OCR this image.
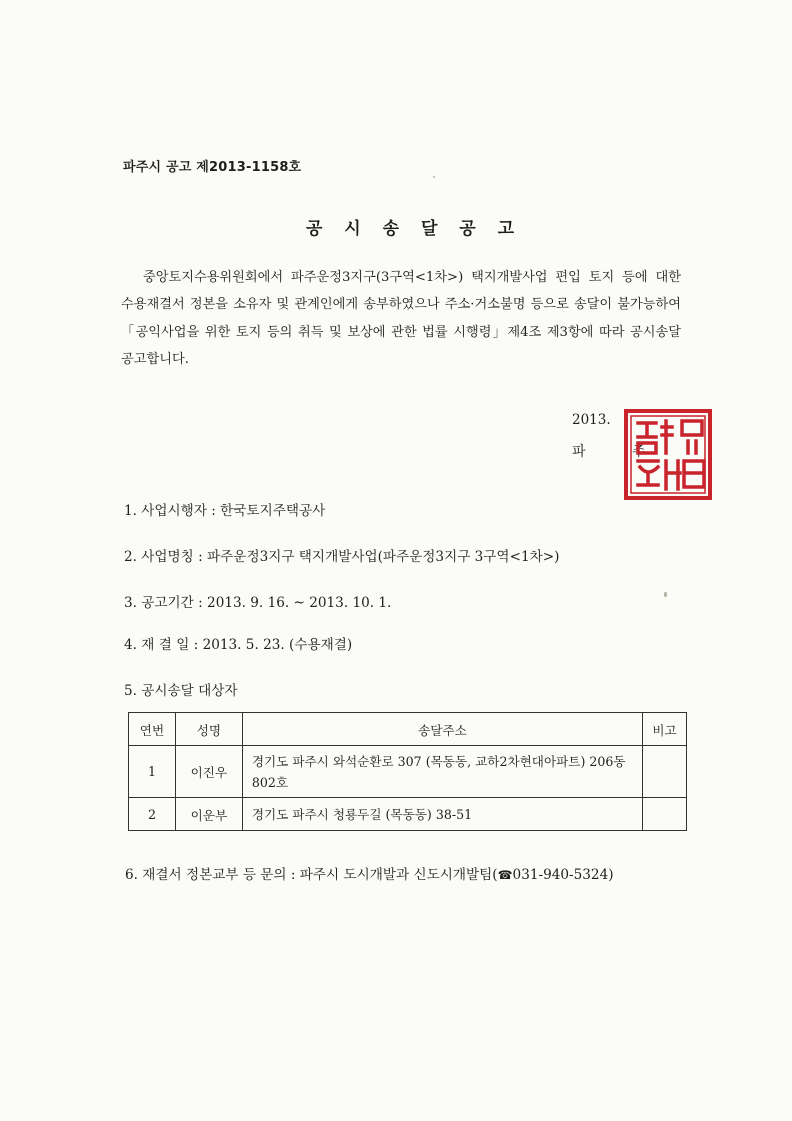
파주시 공고 제2013-1158호
공 시 송 달 공 고

중앙토지수용위원회에서 파주운정3지구(3구역<1차>) 택지개발사업 편입 토지 등에 대한 수용재결서 정본을 소유자 및 관계인에게 송부하였으나 주소·거소불명 등으로 송달이 불가능하여「공익사업을 위한 토지 등의 취득 및 보상에 관한 법률 시행령」제4조 제3항에 따라 공시송달 공고합니다.

2013.
파 주
1. 사업시행자 : 한국토지주택공사
2. 사업명칭 : 파주운정3지구 택지개발사업(파주운정3지구 3구역<1차>)
3. 공고기간 : 2013. 9. 16. ~ 2013. 10. 1.
4. 재 결 일 : 2013. 5. 23. (수용재결)
5. 공시송달 대상자
연번	성명	송달주소	비고
1	이진우	경기도 파주시 와석순환로 307 (목동동, 교하2차현대아파트) 206동 802호	
2	이운부	경기도 파주시 청룡두길 (목동동) 38-51	
6. 재결서 정본교부 등 문의 : 파주시 도시개발과 신도시개발팀(☎031-940-5324)
